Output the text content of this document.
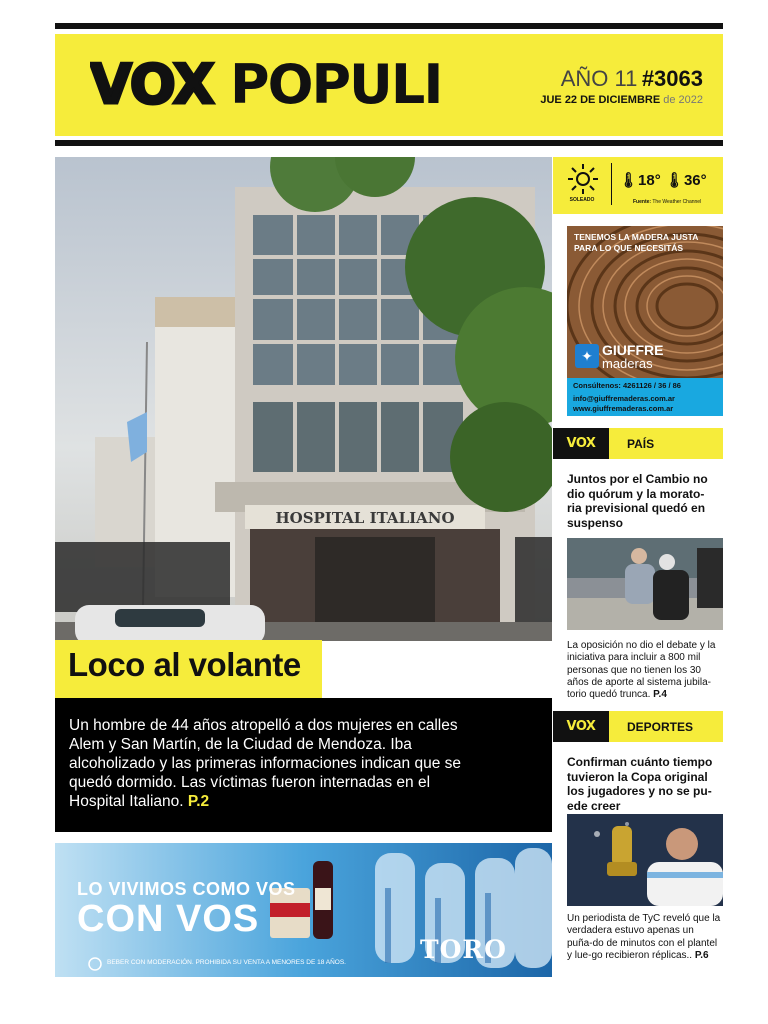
VOX POPULI	AÑO 11 #3063
JUE 22 DE DICIEMBRE de 2022
HOSPITAL ITALIANO
Loco al volante
Un hombre de 44 años atropelló a dos mujeres en calles Alem y San Martín, de la Ciudad de Mendoza. Iba alcoholizado y las primeras informaciones indican que se quedó dormido. Las víctimas fueron internadas en el Hospital Italiano. P.2
SOLEADO
🌡18° 🌡36°
Fuente: The Weather Channel
✦
TENEMOS LA MADERA JUSTA PARA LO QUE NECESITÁS
GIUFFRE
maderas
Consúltenos: 4261126 / 36 / 86
info@giuffremaderas.com.ar
www.giuffremaderas.com.ar
VOX	PAÍS
Juntos por el Cambio no dio quórum y la morato-ria previsional quedó en suspenso
La oposición no dio el debate y la iniciativa para incluir a 800 mil personas que no tienen los 30 años de aporte al sistema jubila-torio quedó trunca. P.4
VOX	DEPORTES
Confirman cuánto tiempo tuvieron la Copa original los jugadores y no se pu-ede creer
Un periodista de TyC reveló que la verdadera estuvo apenas un puña-do de minutos con el plantel y lue-go recibieron réplicas.. P.6
LO VIVIMOS COMO VOS
CON VOS
TORO
BEBER CON MODERACIÓN. PROHIBIDA SU VENTA A MENORES DE 18 AÑOS.
